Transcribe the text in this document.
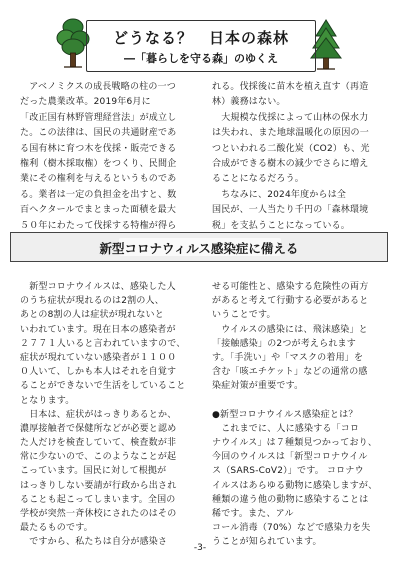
どうなる？　日本の森林
―「暮らしを守る森」のゆくえ
　アベノミクスの成長戦略の柱の一つ
だった農業改革。2019年6月に
「改正国有林野管理経営法」が成立し
た。この法律は、国民の共通財産であ
る国有林に育つ木を伐採・販売できる
権利（樹木採取権）をつくり、民間企
業にその権利を与えるというものであ
る。業者は一定の負担金を出すと、数
百ヘクタールでまとまった面積を最大
５０年にわたって伐採する特権が得ら
れる。伐採後に苗木を植え直す（再造
林）義務はない。
　大規模な伐採によって山林の保水力
は失われ、また地球温暖化の原因の一
つといわれる二酸化炭（CO2）も、光
合成ができる樹木の減少でさらに増え
ることになるだろう。
　ちなみに、2024年度からは全
国民が、一人当たり千円の「森林環境
税」を支払うことになっている。
新型コロナウィルス感染症に備える
　新型コロナウイルスは、感染した人
のうち症状が現れるのは2割の人、
あとの8割の人は症状が現れないと
いわれています。現在日本の感染者が
２７７１人いると言われていますので、
症状が現れていない感染者が１１００
０人いて、しかも本人はそれを自覚す
ることができないで生活をしていること
となります。
　日本は、症状がはっきりあるとか、
濃厚接触者で保健所などが必要と認め
た人だけを検査していて、検査数が非
常に少ないので、このようなことが起
こっています。国民に対して根拠が
はっきりしない要請が行政から出され
ることも起こってしまいます。全国の
学校が突然一斉休校にされたのはその
最たるものです。
　ですから、私たちは自分が感染さ
せる可能性と、感染する危険性の両方
があると考えて行動する必要があると
いうことです。
　ウイルスの感染には、飛沫感染」と
「接触感染」の2つが考えられます
す。「手洗い」や「マスクの着用」を
含む「咳エチケット」などの通常の感
染症対策が重要です。
●新型コロナウイルス感染症とは？
　これまでに、人に感染する「コロ
ナウイルス」は７種類見つかっており、
今回のウイルスは「新型コロナウイル
ス（SARS-CoV2）」です。 コロナウ
イルスはあらゆる動物に感染しますが、
種類の違う他の動物に感染することは
稀です。また、アル
コール消毒（70%）などで感染力を失
うことが知られています。
-3-
